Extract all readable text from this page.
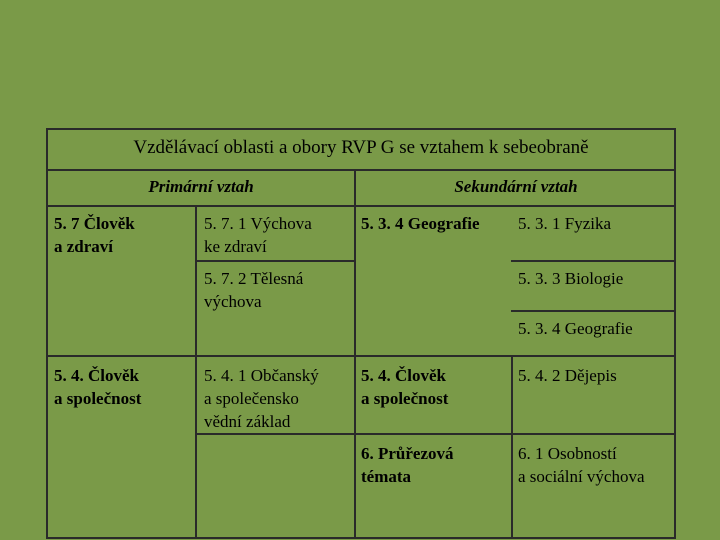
Vzdělávací oblasti a obory RVP G se vztahem k sebeobraně
Primární vztah	Sekundární vztah
5. 7 Člověk
a zdraví
5. 7. 1 Výchova
ke zdraví
5. 7. 2 Tělesná
výchova
5. 3. 4 Geografie 5. 3. 1 Fyzika
5. 3. 3 Biologie
5. 3. 4 Geografie
5. 4. Člověk
a společnost
5. 4. 1 Občanský
a společensko
vědní základ
5. 4. Člověk
a společnost
5. 4. 2 Dějepis
6. Průřezová
témata
6. 1 Osobností
a sociální výchova
